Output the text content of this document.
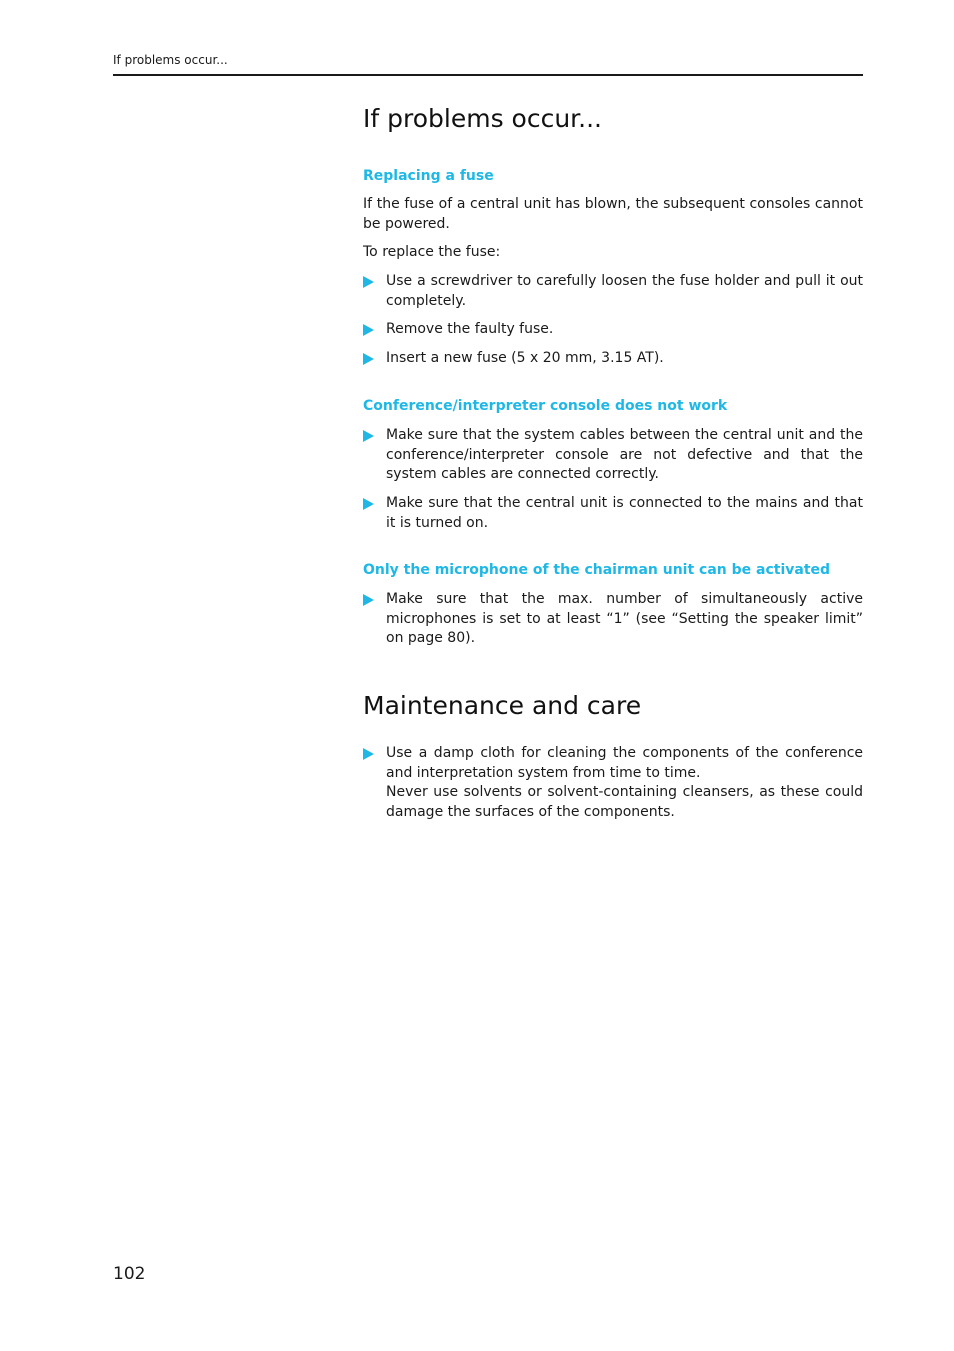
If problems occur...
If problems occur...
Replacing a fuse

If the fuse of a central unit has blown, the subsequent consoles cannot be powered.

To replace the fuse:

Use a screwdriver to carefully loosen the fuse holder and pull it out completely.
Remove the faulty fuse.
Insert a new fuse (5 x 20 mm, 3.15 AT).
Conference/interpreter console does not work
Make sure that the system cables between the central unit and the conference/interpreter console are not defective and that the system cables are connected correctly.
Make sure that the central unit is connected to the mains and that it is turned on.
Only the microphone of the chairman unit can be activated
Make sure that the max. number of simultaneously active microphones is set to at least “1” (see “Setting the speaker limit” on page 80).
Maintenance and care
Use a damp cloth for cleaning the components of the conference and interpretation system from time to time.
Never use solvents or solvent-containing cleansers, as these could damage the surfaces of the components.
102
